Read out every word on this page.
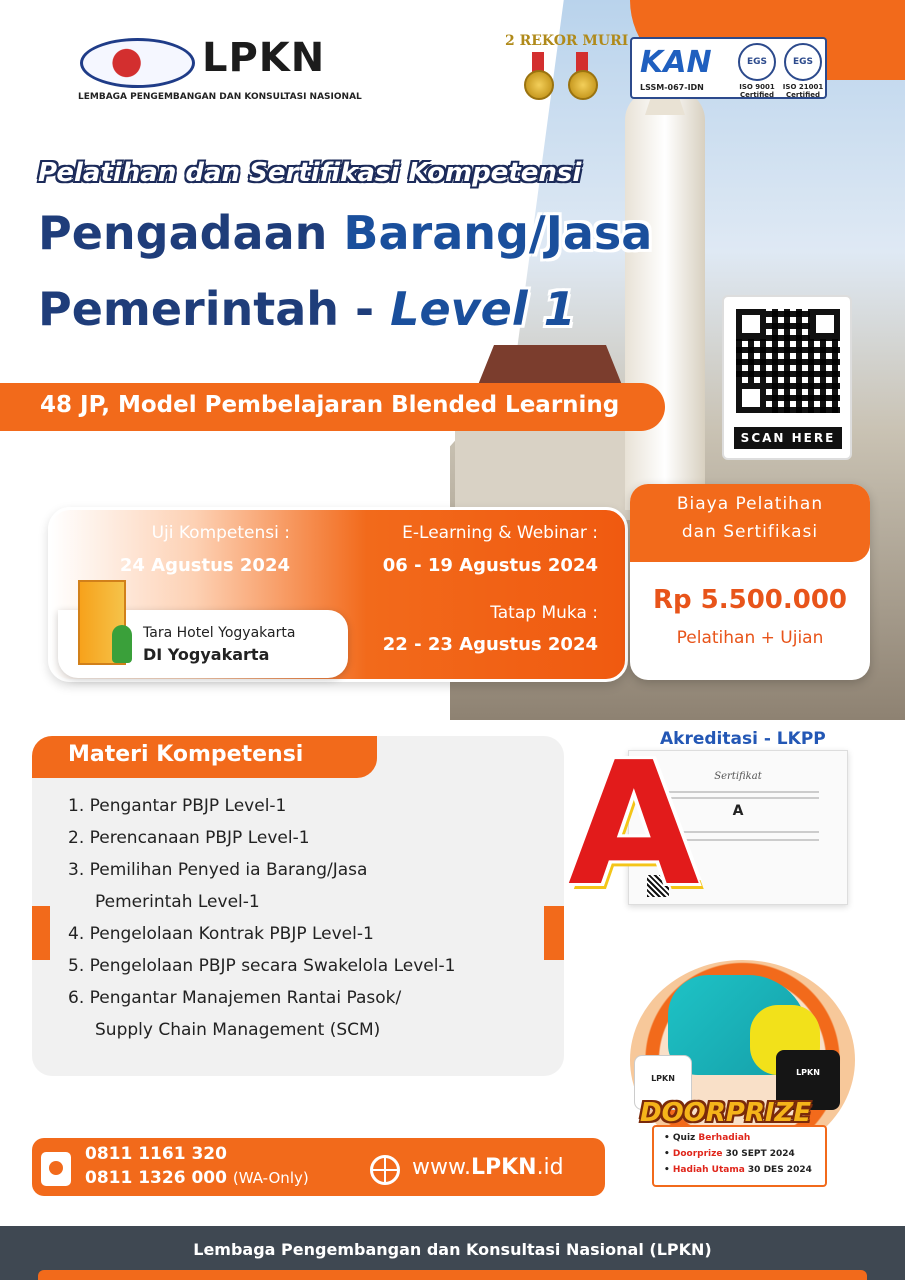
LPKN
LEMBAGA PENGEMBANGAN DAN KONSULTASI NASIONAL
2 REKOR MURI
KAN
LSSM-067-IDN
EGS	EGS
ISO 9001 Certified
ISO 21001 Certified
Pelatihan dan Sertifikasi Kompetensi
Pengadaan Barang/Jasa
Pemerintah - Level 1
48 JP, Model Pembelajaran Blended Learning
SCAN HERE
Uji Kompetensi :
24 Agustus 2024
E-Learning & Webinar :
06 - 19 Agustus 2024
Tatap Muka :
22 - 23 Agustus 2024
Tara Hotel Yogyakarta
DI Yogyakarta
Biaya Pelatihan
dan Sertifikasi
Rp 5.500.000
Pelatihan + Ujian
Materi Kompetensi
1. Pengantar PBJP Level-1
2. Perencanaan PBJP Level-1
3. Pemilihan Penyed ia Barang/Jasa
Pemerintah Level-1
4. Pengelolaan Kontrak PBJP Level-1
5. Pengelolaan PBJP secara Swakelola Level-1
6. Pengantar Manajemen Rantai Pasok/
Supply Chain Management (SCM)
Sertifikat
A
A
Akreditasi - LKPP
LPKN
LPKN
• Quiz Berhadiah
• Doorprize 30 SEPT 2024
• Hadiah Utama 30 DES 2024
DOORPRIZE
0811 1161 320
0811 1326 000 (WA-Only)	www.LPKN.id
Lembaga Pengembangan dan Konsultasi Nasional (LPKN)
